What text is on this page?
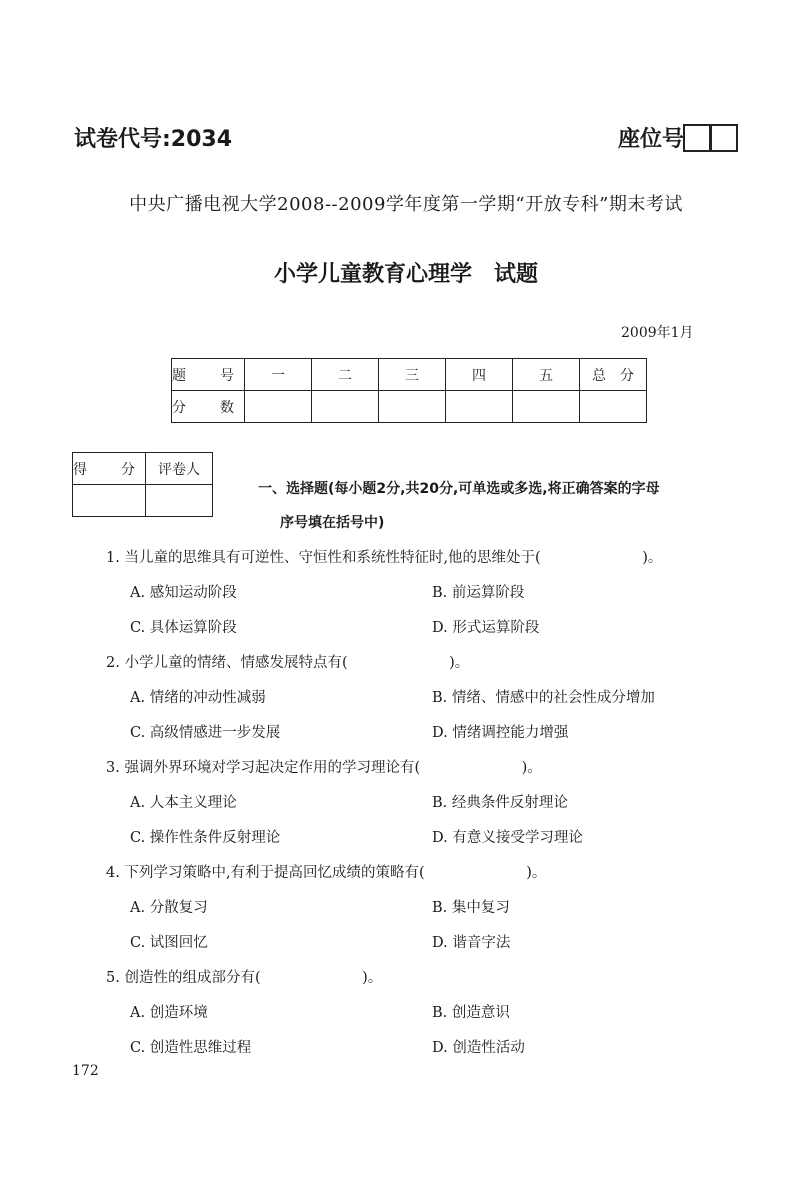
试卷代号:2034	座位号
中央广播电视大学2008--2009学年度第一学期“开放专科”期末考试
小学儿童教育心理学　试题
2009年1月
题　号	一	二	三	四	五	总　分
分　数						
得　分	评卷人

一、选择题(每小题2分,共20分,可单选或多选,将正确答案的字母
序号填在括号中)
1. 当儿童的思维具有可逆性、守恒性和系统性特征时,他的思维处于(　　　　　　　)。
A. 感知运动阶段	B. 前运算阶段
C. 具体运算阶段	D. 形式运算阶段
2. 小学儿童的情绪、情感发展特点有(　　　　　　　)。
A. 情绪的冲动性减弱	B. 情绪、情感中的社会性成分增加
C. 高级情感进一步发展	D. 情绪调控能力增强
3. 强调外界环境对学习起决定作用的学习理论有(　　　　　　　)。
A. 人本主义理论	B. 经典条件反射理论
C. 操作性条件反射理论	D. 有意义接受学习理论
4. 下列学习策略中,有利于提高回忆成绩的策略有(　　　　　　　)。
A. 分散复习	B. 集中复习
C. 试图回忆	D. 谐音字法
5. 创造性的组成部分有(　　　　　　　)。
A. 创造环境	B. 创造意识
C. 创造性思维过程	D. 创造性活动
172
